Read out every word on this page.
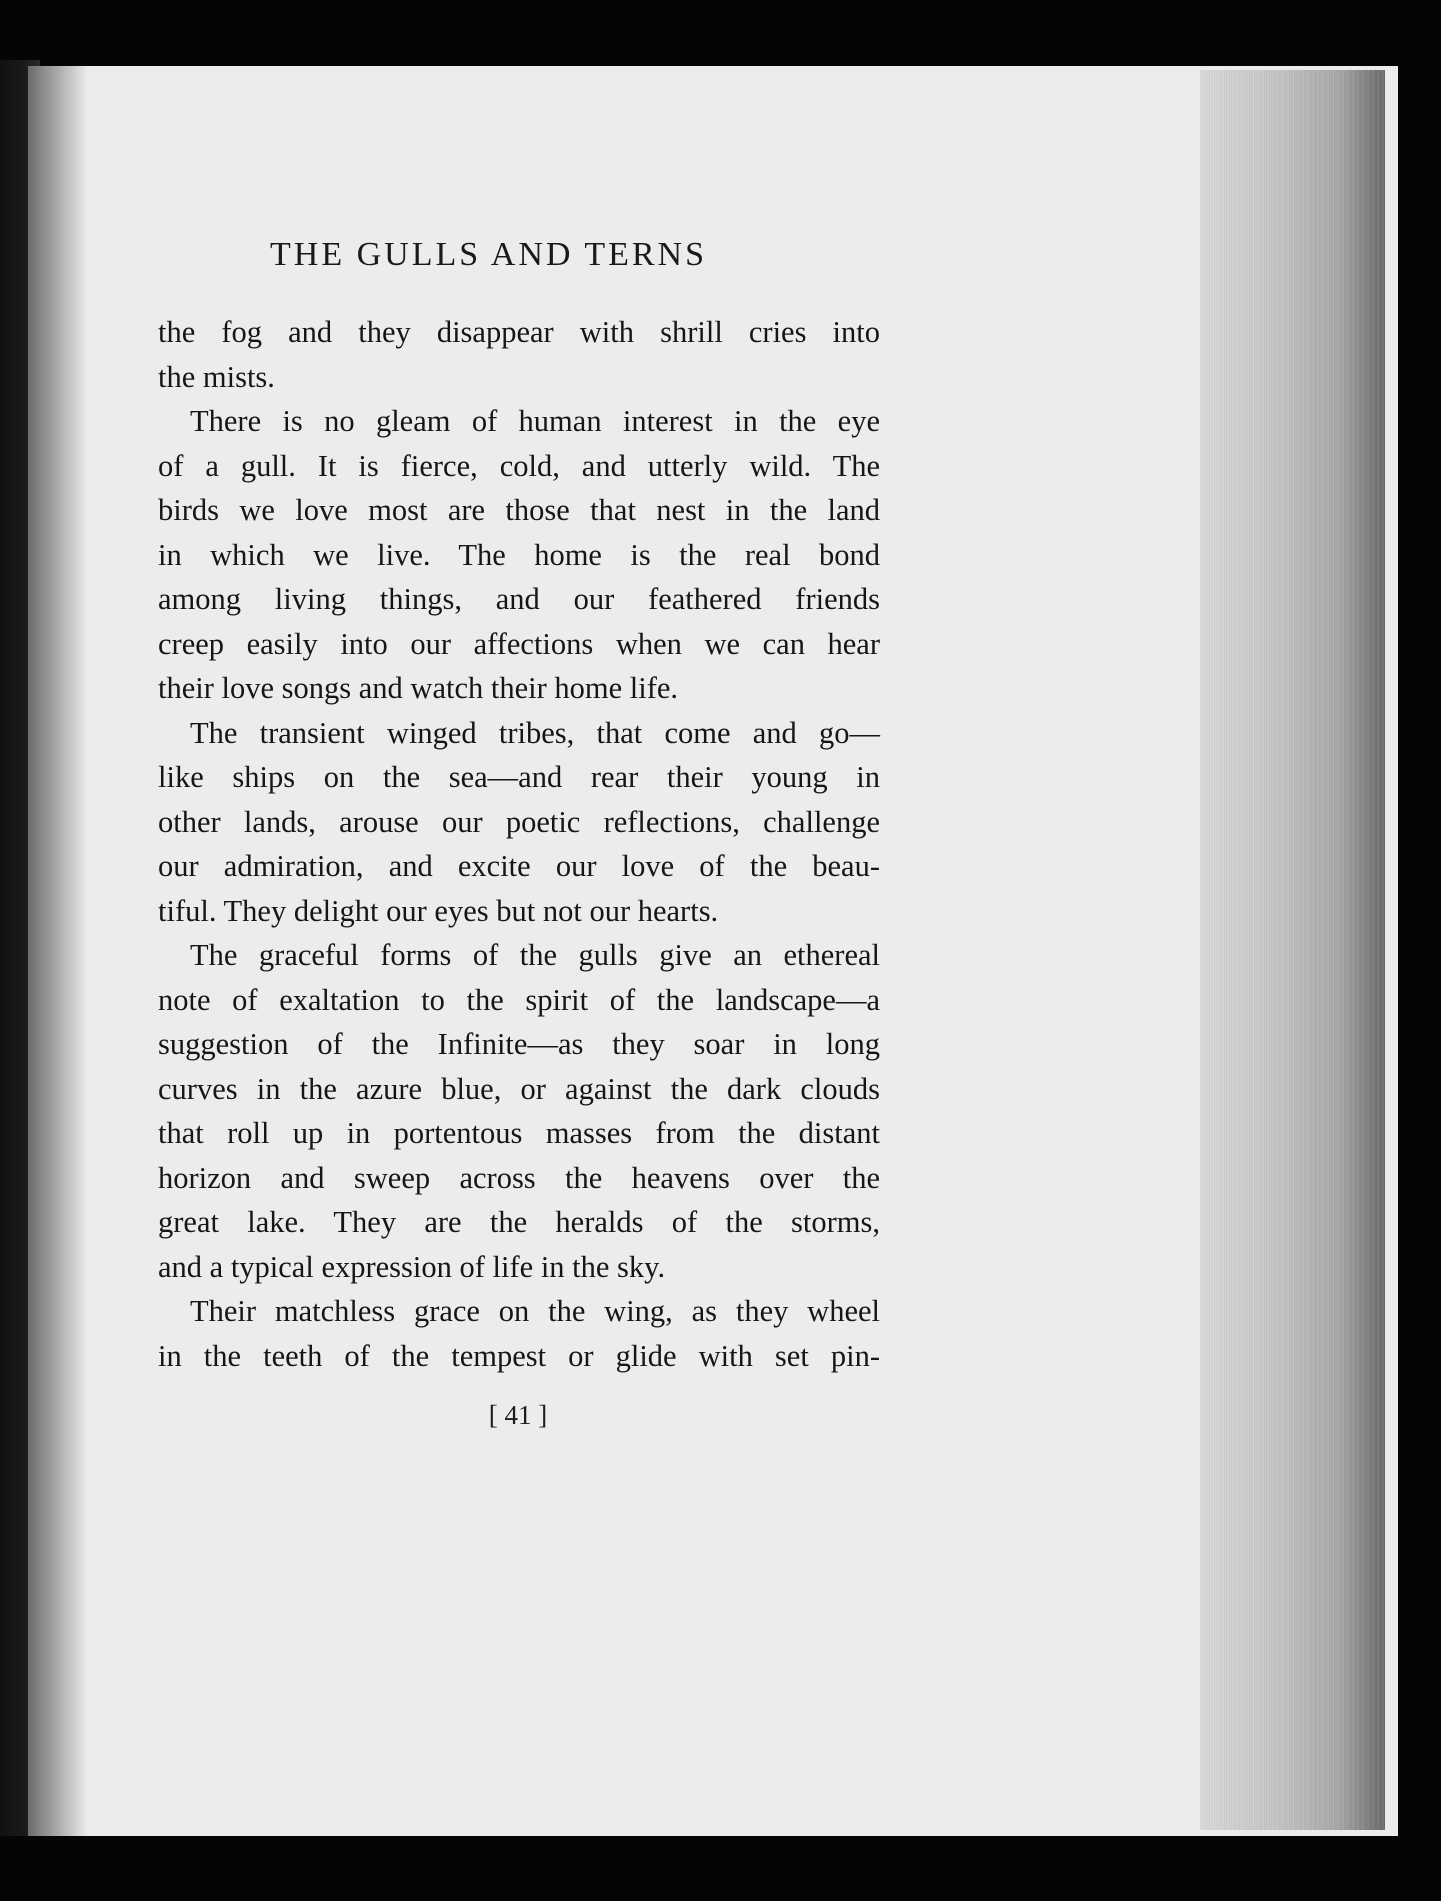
THE GULLS AND TERNS
the fog and they disappear with shrill cries into
the mists.
There is no gleam of human interest in the eye
of a gull. It is fierce, cold, and utterly wild. The
birds we love most are those that nest in the land
in which we live. The home is the real bond
among living things, and our feathered friends
creep easily into our affections when we can hear
their love songs and watch their home life.
The transient winged tribes, that come and go—
like ships on the sea—and rear their young in
other lands, arouse our poetic reflections, challenge
our admiration, and excite our love of the beau-
tiful. They delight our eyes but not our hearts.
The graceful forms of the gulls give an ethereal
note of exaltation to the spirit of the landscape—a
suggestion of the Infinite—as they soar in long
curves in the azure blue, or against the dark clouds
that roll up in portentous masses from the distant
horizon and sweep across the heavens over the
great lake. They are the heralds of the storms,
and a typical expression of life in the sky.
Their matchless grace on the wing, as they wheel
in the teeth of the tempest or glide with set pin-
[ 41 ]
